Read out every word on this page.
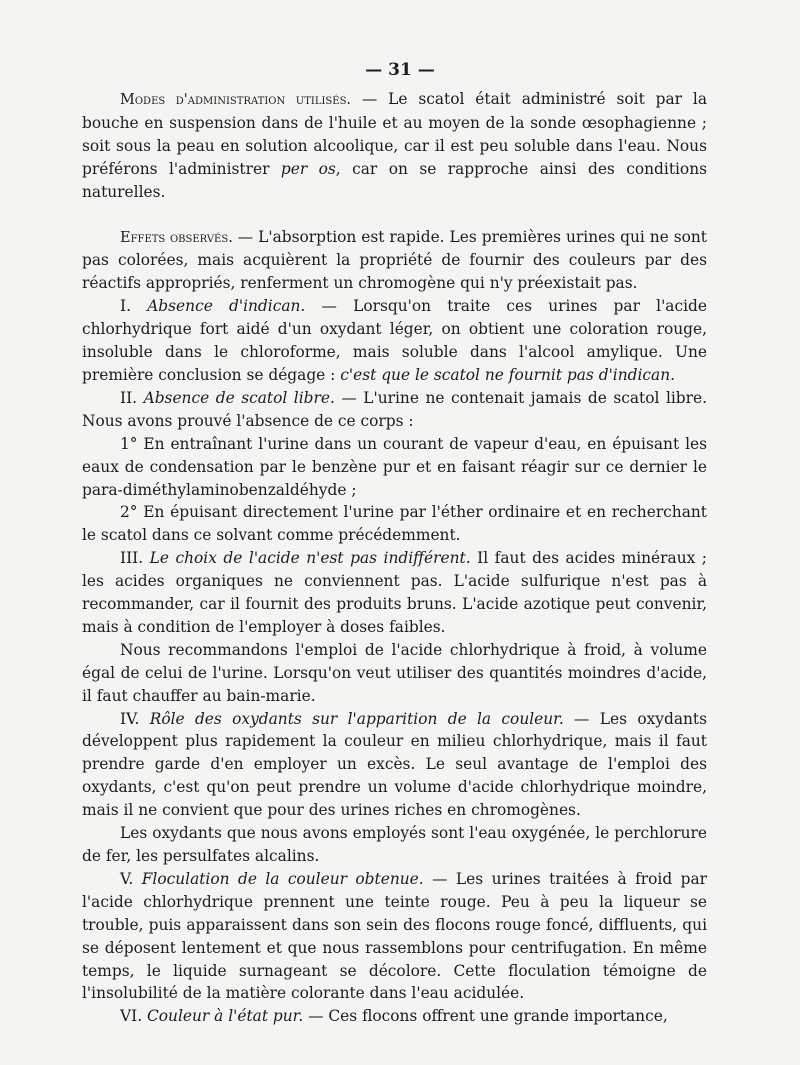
— 31 —

Modes d'administration utilisés. — Le scatol était administré soit par la bouche en suspension dans de l'huile et au moyen de la sonde œsophagienne ; soit sous la peau en solution alcoolique, car il est peu soluble dans l'eau. Nous préférons l'administrer per os, car on se rapproche ainsi des conditions naturelles.

Effets observés. — L'absorption est rapide. Les premières urines qui ne sont pas colorées, mais acquièrent la propriété de fournir des couleurs par des réactifs appropriés, renferment un chromogène qui n'y préexistait pas.

I. Absence d'indican. — Lorsqu'on traite ces urines par l'acide chlorhydrique fort aidé d'un oxydant léger, on obtient une coloration rouge, insoluble dans le chloroforme, mais soluble dans l'alcool amylique. Une première conclusion se dégage : c'est que le scatol ne fournit pas d'indican.

II. Absence de scatol libre. — L'urine ne contenait jamais de scatol libre. Nous avons prouvé l'absence de ce corps :

1° En entraînant l'urine dans un courant de vapeur d'eau, en épuisant les eaux de condensation par le benzène pur et en faisant réagir sur ce dernier le para-diméthylaminobenzaldéhyde ;

2° En épuisant directement l'urine par l'éther ordinaire et en recherchant le scatol dans ce solvant comme précédemment.

III. Le choix de l'acide n'est pas indifférent. Il faut des acides minéraux ; les acides organiques ne conviennent pas. L'acide sulfurique n'est pas à recommander, car il fournit des produits bruns. L'acide azotique peut convenir, mais à condition de l'employer à doses faibles.

Nous recommandons l'emploi de l'acide chlorhydrique à froid, à volume égal de celui de l'urine. Lorsqu'on veut utiliser des quantités moindres d'acide, il faut chauffer au bain-marie.

IV. Rôle des oxydants sur l'apparition de la couleur. — Les oxydants développent plus rapidement la couleur en milieu chlorhydrique, mais il faut prendre garde d'en employer un excès. Le seul avantage de l'emploi des oxydants, c'est qu'on peut prendre un volume d'acide chlorhydrique moindre, mais il ne convient que pour des urines riches en chromogènes.

Les oxydants que nous avons employés sont l'eau oxygénée, le perchlorure de fer, les persulfates alcalins.

V. Floculation de la couleur obtenue. — Les urines traitées à froid par l'acide chlorhydrique prennent une teinte rouge. Peu à peu la liqueur se trouble, puis apparaissent dans son sein des flocons rouge foncé, diffluents, qui se déposent lentement et que nous rassemblons pour centrifugation. En même temps, le liquide surnageant se décolore. Cette floculation témoigne de l'insolubilité de la matière colorante dans l'eau acidulée.

VI. Couleur à l'état pur. — Ces flocons offrent une grande importance,
